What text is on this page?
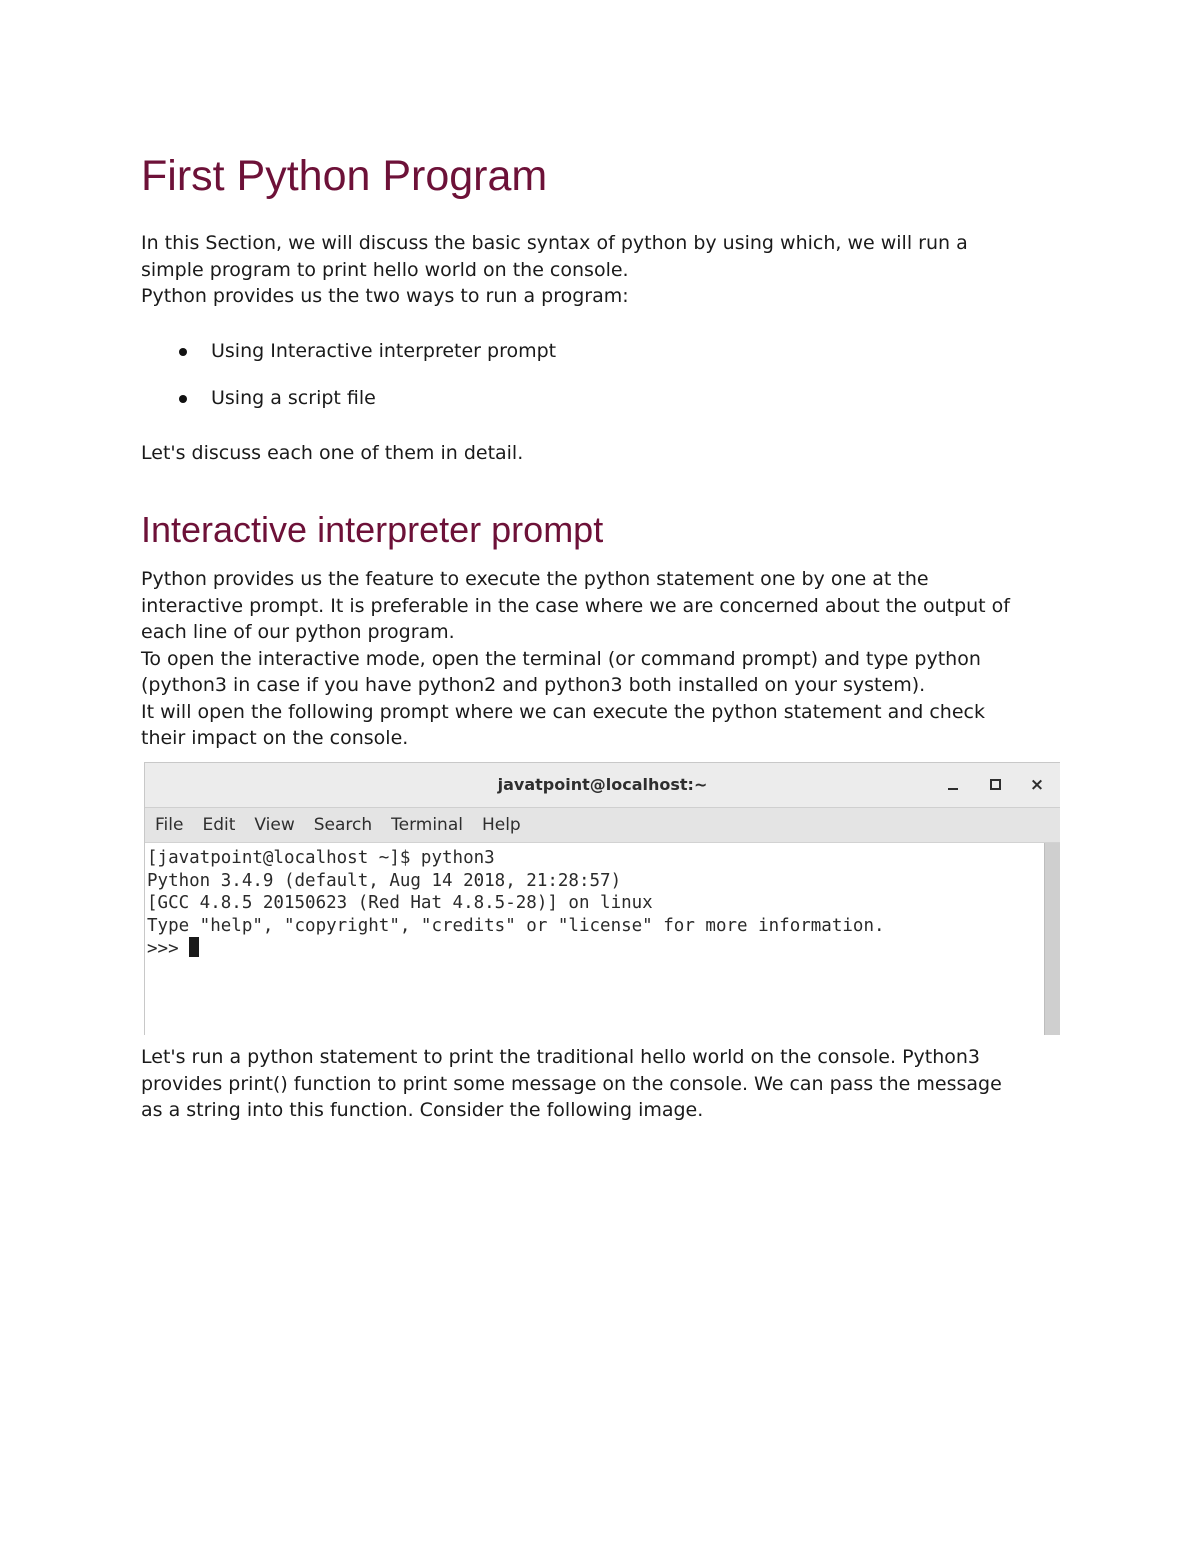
First Python Program

In this Section, we will discuss the basic syntax of python by using which, we will run a
simple program to print hello world on the console.
Python provides us the two ways to run a program:

Using Interactive interpreter prompt
Using a script file

Let's discuss each one of them in detail.

Interactive interpreter prompt

Python provides us the feature to execute the python statement one by one at the
interactive prompt. It is preferable in the case where we are concerned about the output of
each line of our python program.
To open the interactive mode, open the terminal (or command prompt) and type python
(python3 in case if you have python2 and python3 both installed on your system).
It will open the following prompt where we can execute the python statement and check
their impact on the console.

javatpoint@localhost:~	×
File Edit View Search Terminal Help
[javatpoint@localhost ~]$ python3
Python 3.4.9 (default, Aug 14 2018, 21:28:57)
[GCC 4.8.5 20150623 (Red Hat 4.8.5-28)] on linux
Type "help", "copyright", "credits" or "license" for more information.
>>>

Let's run a python statement to print the traditional hello world on the console. Python3
provides print() function to print some message on the console. We can pass the message
as a string into this function. Consider the following image.
